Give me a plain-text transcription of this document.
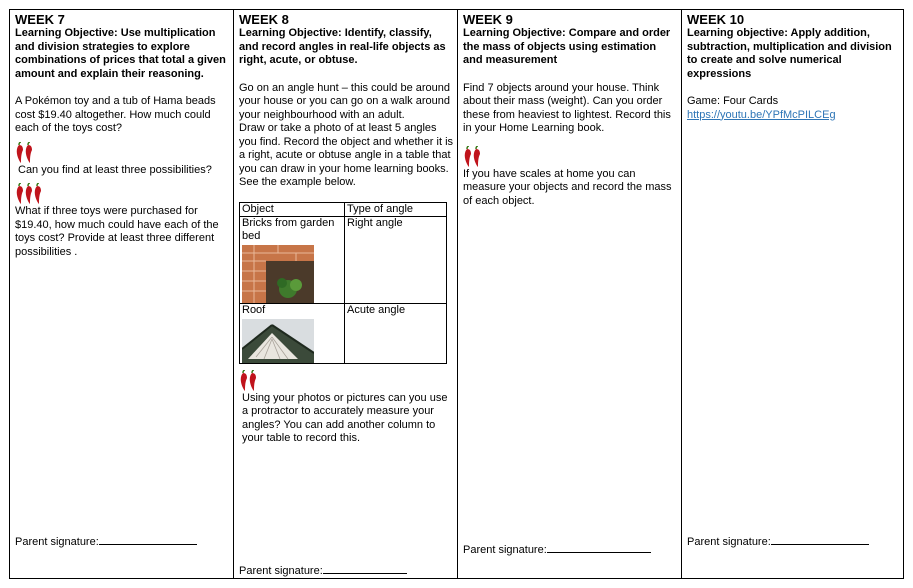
WEEK 7
Learning Objective: Use multiplication and division strategies to explore combinations of prices that total a given amount and explain their reasoning.
A Pokémon toy and a tub of Hama beads cost $19.40 altogether. How much could each of the toys cost?
Can you find at least three possibilities?
What if three toys were purchased for $19.40, how much could have each of the toys cost? Provide at least three different possibilities .
Parent signature:
WEEK 8
Learning Objective: Identify, classify, and record angles in real-life objects as right, acute, or obtuse.
Go on an angle hunt – this could be around your house or you can go on a walk around your neighbourhood with an adult.
Draw or take a photo of at least 5 angles you find. Record the object and whether it is a right, acute or obtuse angle in a table that you can draw in your home learning books. See the example below.
Object	Type of angle
Bricks from garden bed	Right angle
Roof	Acute angle
Using your photos or pictures can you use a protractor to accurately measure your angles? You can add another column to your table to record this.
Parent signature:
WEEK 9
Learning Objective: Compare and order the mass of objects using estimation and measurement
Find 7 objects around your house. Think about their mass (weight). Can you order these from heaviest to lightest. Record this in your Home Learning book.
If you have scales at home you can measure your objects and record the mass of each object.
Parent signature:
WEEK 10
Learning objective: Apply addition, subtraction, multiplication and division to create and solve numerical expressions
Game: Four Cards
https://youtu.be/YPfMcPILCEg
Parent signature:
